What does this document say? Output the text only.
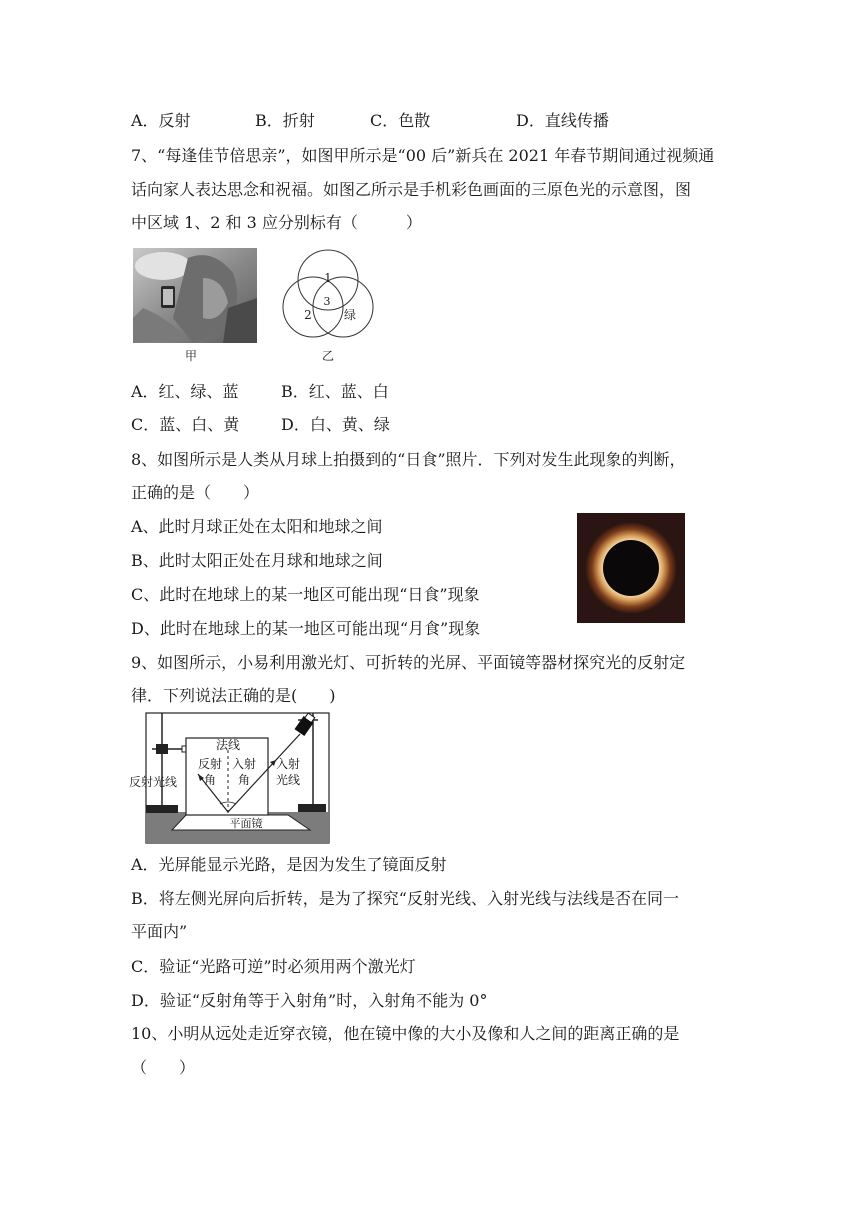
A．反射	B．折射	C．色散	D．直线传播
7、“每逢佳节倍思亲”，如图甲所示是“00 后”新兵在 2021 年春节期间通过视频通
话向家人表达思念和祝福。如图乙所示是手机彩色画面的三原色光的示意图，图
中区域 1、2 和 3 应分别标有（　　　）
甲
1
2
3
绿
乙
A．红、绿、蓝	B．红、蓝、白
C．蓝、白、黄	D．白、黄、绿
8、如图所示是人类从月球上拍摄到的“日食”照片．下列对发生此现象的判断，
正确的是（　　）
A、此时月球正处在太阳和地球之间
B、此时太阳正处在月球和地球之间
C、此时在地球上的某一地区可能出现“日食”现象
D、此时在地球上的某一地区可能出现“月食”现象
9、如图所示，小易利用激光灯、可折转的光屏、平面镜等器材探究光的反射定
律．下列说法正确的是(　　)
平面镜
法线
反射
角
入射
角
入射
光线
反射光线
A．光屏能显示光路，是因为发生了镜面反射
B．将左侧光屏向后折转，是为了探究“反射光线、入射光线与法线是否在同一
平面内”
C．验证“光路可逆”时必须用两个激光灯
D．验证“反射角等于入射角”时，入射角不能为 0°
10、小明从远处走近穿衣镜，他在镜中像的大小及像和人之间的距离正确的是
（　　）
